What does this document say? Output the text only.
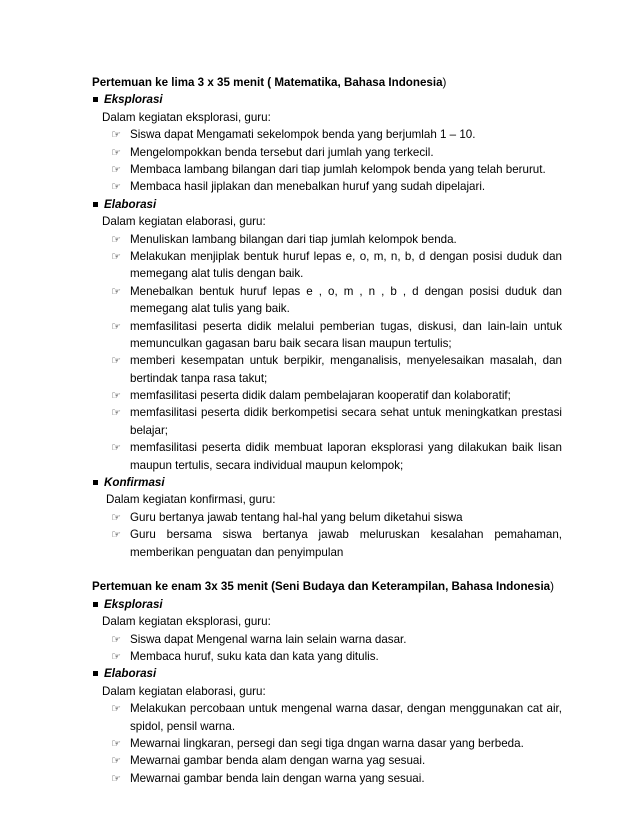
Pertemuan ke lima 3 x 35 menit ( Matematika, Bahasa Indonesia)
Eksplorasi
Dalam kegiatan eksplorasi, guru:
☞ Siswa dapat Mengamati sekelompok benda yang berjumlah 1 – 10.
☞ Mengelompokkan benda tersebut dari jumlah yang terkecil.
☞ Membaca lambang bilangan dari tiap jumlah kelompok benda yang telah berurut.
☞ Membaca hasil jiplakan dan menebalkan huruf yang sudah dipelajari.
Elaborasi
Dalam kegiatan elaborasi, guru:
☞ Menuliskan lambang bilangan dari tiap jumlah kelompok benda.
☞ Melakukan menjiplak bentuk huruf lepas e, o, m, n, b, d dengan posisi duduk dan memegang alat tulis dengan baik.
☞ Menebalkan bentuk huruf lepas e , o, m , n , b , d dengan posisi duduk dan memegang alat tulis yang baik.
☞ memfasilitasi peserta didik melalui pemberian tugas, diskusi, dan lain-lain untuk memunculkan gagasan baru baik secara lisan maupun tertulis;
☞ memberi kesempatan untuk berpikir, menganalisis, menyelesaikan masalah, dan bertindak tanpa rasa takut;
☞ memfasilitasi peserta didik dalam pembelajaran kooperatif dan kolaboratif;
☞ memfasilitasi peserta didik berkompetisi secara sehat untuk meningkatkan prestasi belajar;
☞ memfasilitasi peserta didik membuat laporan eksplorasi yang dilakukan baik lisan maupun tertulis, secara individual maupun kelompok;
Konfirmasi
Dalam kegiatan konfirmasi, guru:
☞ Guru bertanya jawab tentang hal-hal yang belum diketahui siswa
☞ Guru bersama siswa bertanya jawab meluruskan kesalahan pemahaman, memberikan penguatan dan penyimpulan
Pertemuan ke enam 3x 35 menit (Seni Budaya dan Keterampilan, Bahasa Indonesia)
Eksplorasi
Dalam kegiatan eksplorasi, guru:
☞ Siswa dapat Mengenal warna lain selain warna dasar.
☞ Membaca huruf, suku kata dan kata yang ditulis.
Elaborasi
Dalam kegiatan elaborasi, guru:
☞ Melakukan percobaan untuk mengenal warna dasar, dengan menggunakan cat air, spidol, pensil warna.
☞ Mewarnai lingkaran, persegi dan segi tiga dngan warna dasar yang berbeda.
☞ Mewarnai gambar benda alam dengan warna yag sesuai.
☞ Mewarnai gambar benda lain dengan warna yang sesuai.
